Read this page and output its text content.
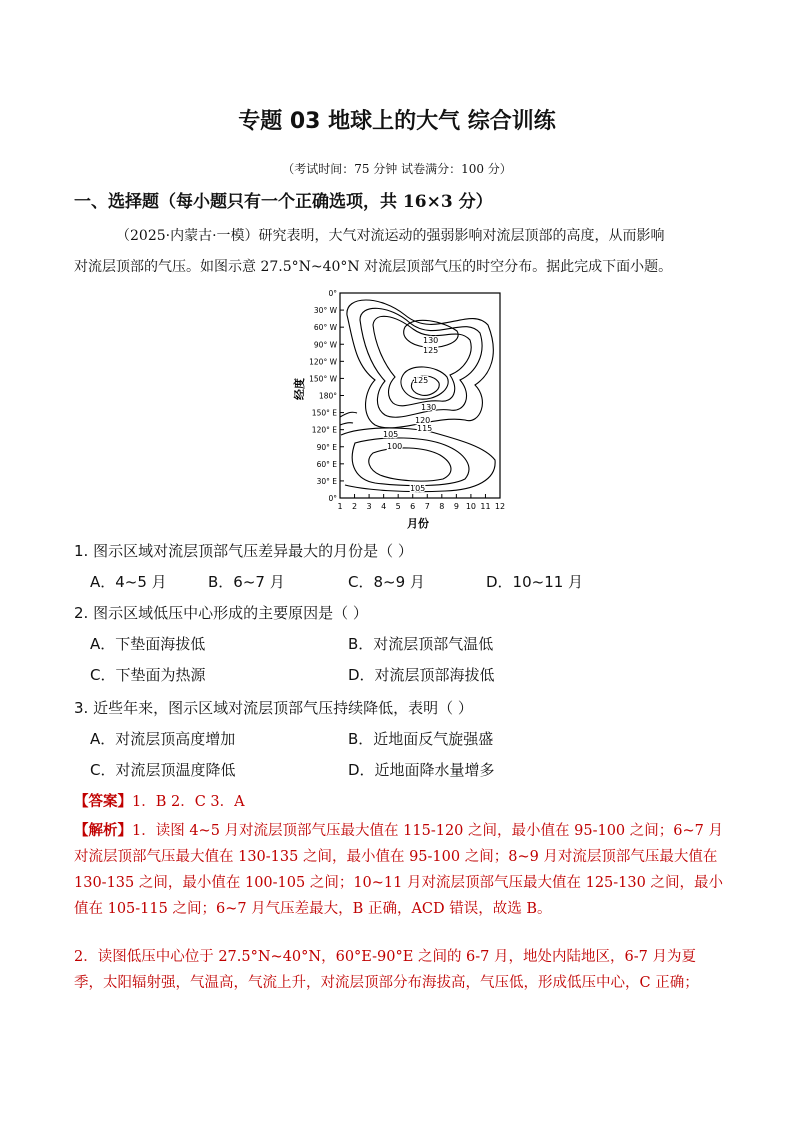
专题 03 地球上的大气 综合训练
（考试时间：75 分钟 试卷满分：100 分）
一、选择题（每小题只有一个正确选项，共 16×3 分）
（2025·内蒙古·一模）研究表明，大气对流运动的强弱影响对流层顶部的高度，从而影响
对流层顶部的气压。如图示意 27.5°N~40°N 对流层顶部气压的时空分布。据此完成下面小题。
0°
30° W
60° W
90° W
120° W
150° W
180°
150° E
120° E
90° E
60° E
30° E
0°
1 2 3 4 5 6 7 8 9 10 11 12
130
125
125
130
120
115
105
100
105
经度
月份
1. 图示区域对流层顶部气压差异最大的月份是（ ）
A．4~5 月	B．6~7 月	C．8~9 月	D．10~11 月
2. 图示区域低压中心形成的主要原因是（ ）
A．下垫面海拔低	B．对流层顶部气温低
C．下垫面为热源	D．对流层顶部海拔低
3. 近些年来，图示区域对流层顶部气压持续降低，表明（ ）
A．对流层顶高度增加	B．近地面反气旋强盛
C．对流层顶温度降低	D．近地面降水量增多
【答案】1．B 2．C 3．A
【解析】1．读图 4~5 月对流层顶部气压最大值在 115-120 之间，最小值在 95-100 之间；6~7 月对流层顶部气压最大值在 130-135 之间，最小值在 95-100 之间；8~9 月对流层顶部气压最大值在 130-135 之间，最小值在 100-105 之间；10~11 月对流层顶部气压最大值在 125-130 之间，最小值在 105-115 之间；6~7 月气压差最大，B 正确，ACD 错误，故选 B。
2．读图低压中心位于 27.5°N~40°N，60°E-90°E 之间的 6-7 月，地处内陆地区，6-7 月为夏季，太阳辐射强，气温高，气流上升，对流层顶部分布海拔高，气压低，形成低压中心，C 正确；
